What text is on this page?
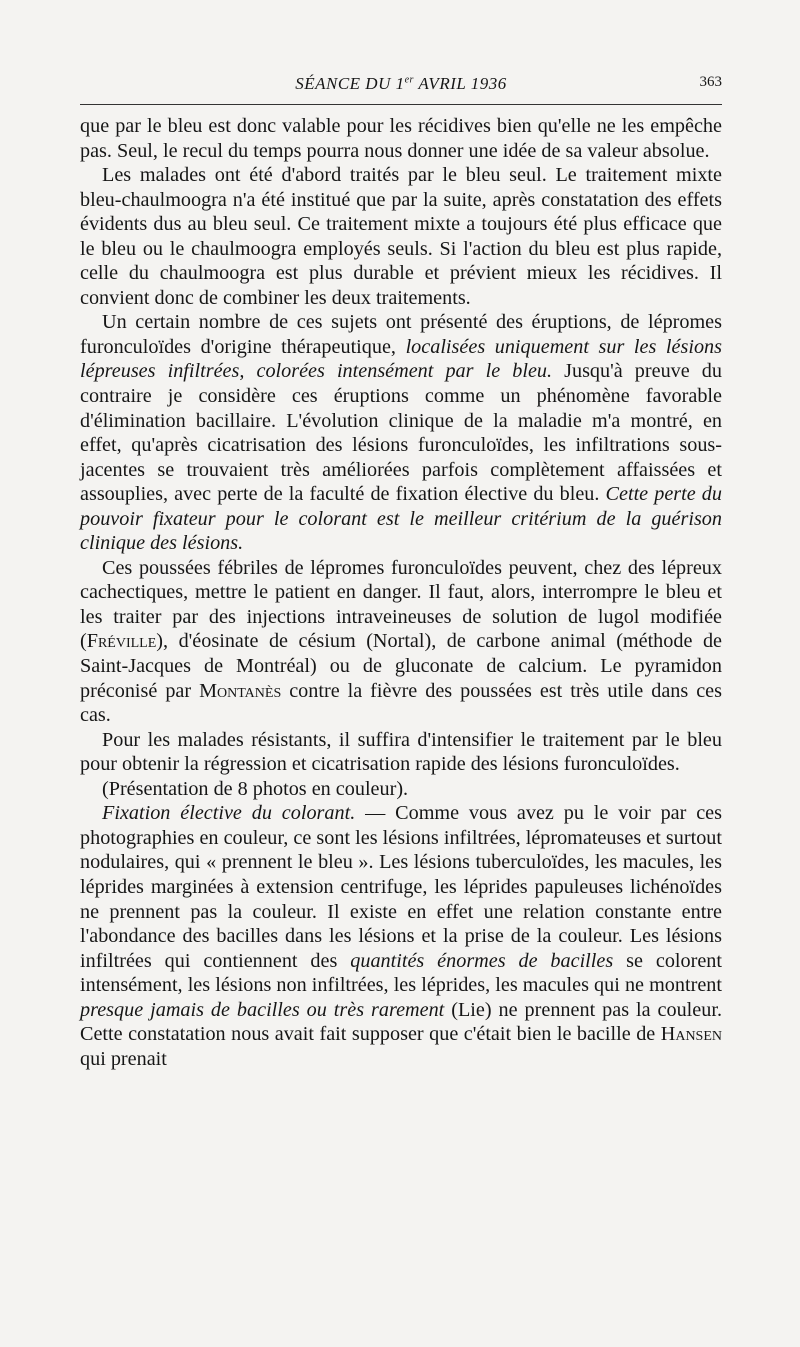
SÉANCE DU 1er AVRIL 1936	363

que par le bleu est donc valable pour les récidives bien qu'elle ne les empêche pas. Seul, le recul du temps pourra nous donner une idée de sa valeur absolue.

Les malades ont été d'abord traités par le bleu seul. Le traitement mixte bleu-chaulmoogra n'a été institué que par la suite, après constatation des effets évidents dus au bleu seul. Ce traitement mixte a toujours été plus efficace que le bleu ou le chaulmoogra employés seuls. Si l'action du bleu est plus rapide, celle du chaulmoogra est plus durable et prévient mieux les récidives. Il convient donc de combiner les deux traitements.

Un certain nombre de ces sujets ont présenté des éruptions, de lépromes furonculoïdes d'origine thérapeutique, localisées uniquement sur les lésions lépreuses infiltrées, colorées intensément par le bleu. Jusqu'à preuve du contraire je considère ces éruptions comme un phénomène favorable d'élimination bacillaire. L'évolution clinique de la maladie m'a montré, en effet, qu'après cicatrisation des lésions furonculoïdes, les infiltrations sous-jacentes se trouvaient très améliorées parfois complètement affaissées et assouplies, avec perte de la faculté de fixation élective du bleu. Cette perte du pouvoir fixateur pour le colorant est le meilleur critérium de la guérison clinique des lésions.

Ces poussées fébriles de lépromes furonculoïdes peuvent, chez des lépreux cachectiques, mettre le patient en danger. Il faut, alors, interrompre le bleu et les traiter par des injections intraveineuses de solution de lugol modifiée (Fréville), d'éosinate de césium (Nortal), de carbone animal (méthode de Saint-Jacques de Montréal) ou de gluconate de calcium. Le pyramidon préconisé par Montanès contre la fièvre des poussées est très utile dans ces cas.

Pour les malades résistants, il suffira d'intensifier le traitement par le bleu pour obtenir la régression et cicatrisation rapide des lésions furonculoïdes.

(Présentation de 8 photos en couleur).

Fixation élective du colorant. — Comme vous avez pu le voir par ces photographies en couleur, ce sont les lésions infiltrées, lépromateuses et surtout nodulaires, qui « prennent le bleu ». Les lésions tuberculoïdes, les macules, les léprides marginées à extension centrifuge, les léprides papuleuses lichénoïdes ne prennent pas la couleur. Il existe en effet une relation constante entre l'abondance des bacilles dans les lésions et la prise de la couleur. Les lésions infiltrées qui contiennent des quantités énormes de bacilles se colorent intensément, les lésions non infiltrées, les léprides, les macules qui ne montrent presque jamais de bacilles ou très rarement (Lie) ne prennent pas la couleur. Cette constatation nous avait fait supposer que c'était bien le bacille de Hansen qui prenait
